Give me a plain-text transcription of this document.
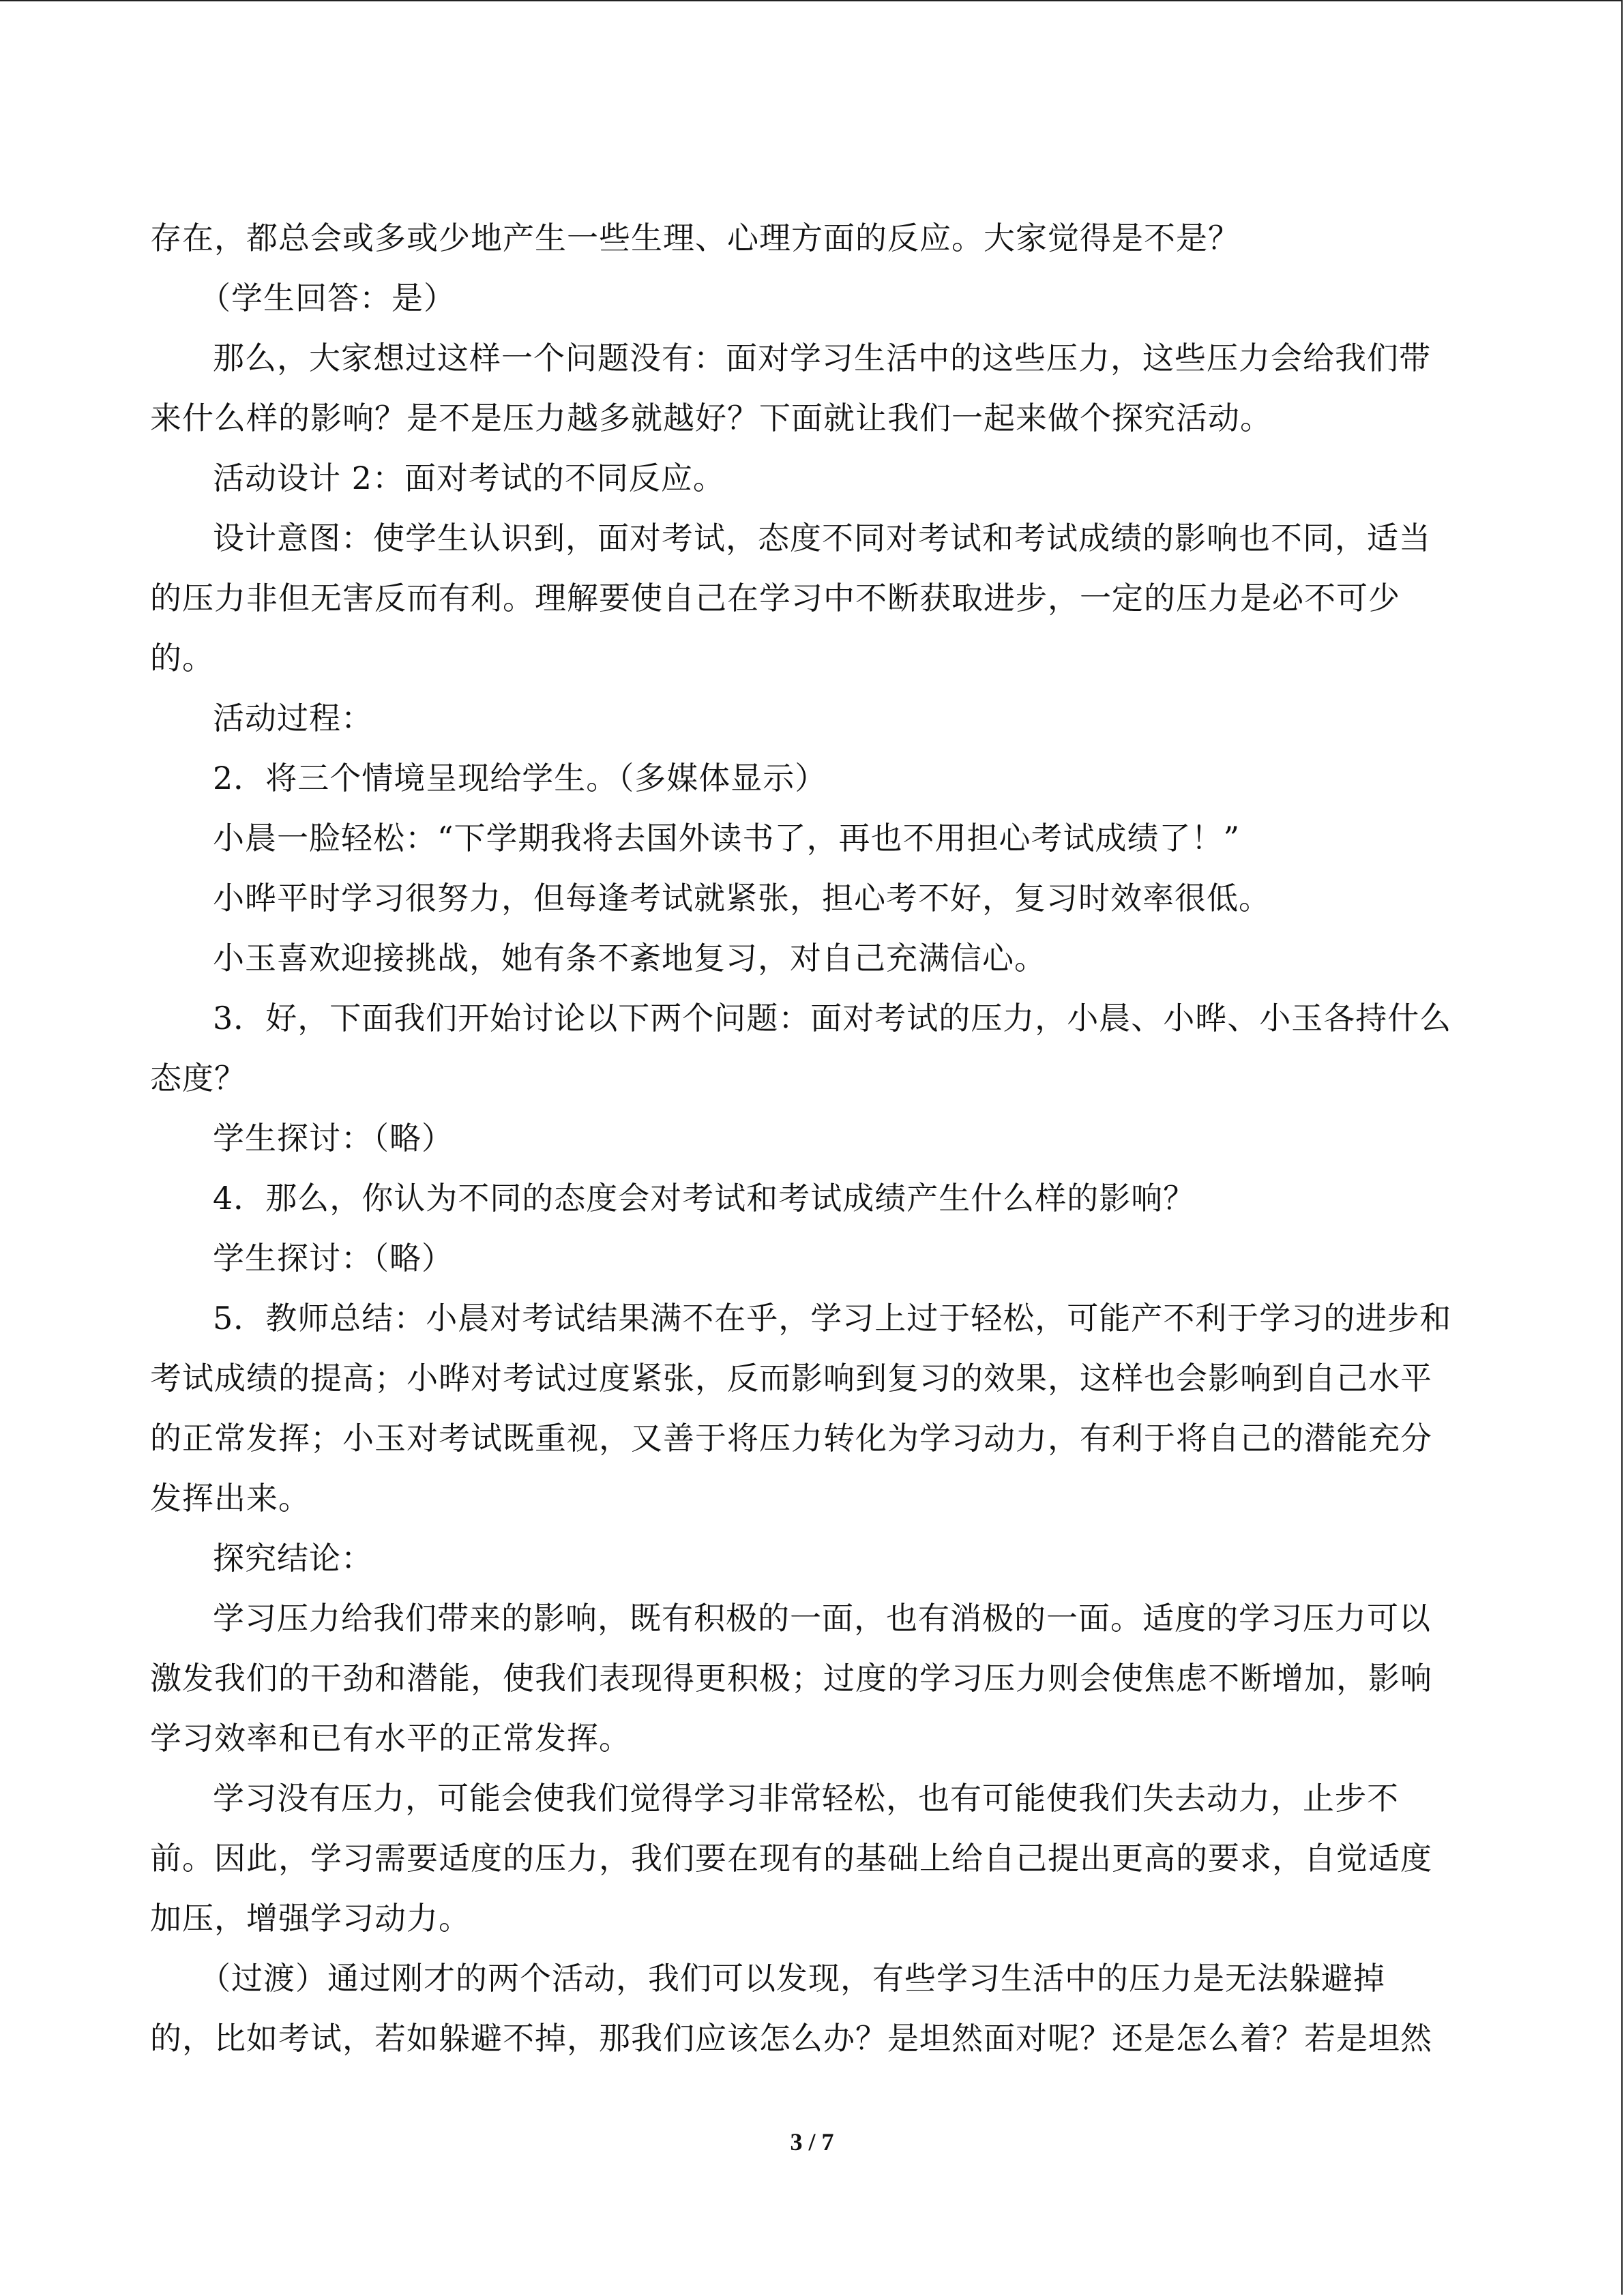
存在，都总会或多或少地产生一些生理、心理方面的反应。大家觉得是不是？
（学生回答：是）
那么，大家想过这样一个问题没有：面对学习生活中的这些压力，这些压力会给我们带
来什么样的影响？是不是压力越多就越好？下面就让我们一起来做个探究活动。
活动设计 2：面对考试的不同反应。
设计意图：使学生认识到，面对考试，态度不同对考试和考试成绩的影响也不同，适当
的压力非但无害反而有利。理解要使自己在学习中不断获取进步，一定的压力是必不可少
的。
活动过程：
2．将三个情境呈现给学生。（多媒体显示）
小晨一脸轻松：“下学期我将去国外读书了，再也不用担心考试成绩了！”
小晔平时学习很努力，但每逢考试就紧张，担心考不好，复习时效率很低。
小玉喜欢迎接挑战，她有条不紊地复习，对自己充满信心。
3．好，下面我们开始讨论以下两个问题：面对考试的压力，小晨、小晔、小玉各持什么
态度？
学生探讨：（略）
4．那么，你认为不同的态度会对考试和考试成绩产生什么样的影响？
学生探讨：（略）
5．教师总结：小晨对考试结果满不在乎，学习上过于轻松，可能产不利于学习的进步和
考试成绩的提高；小晔对考试过度紧张，反而影响到复习的效果，这样也会影响到自己水平
的正常发挥；小玉对考试既重视，又善于将压力转化为学习动力，有利于将自己的潜能充分
发挥出来。
探究结论：
学习压力给我们带来的影响，既有积极的一面，也有消极的一面。适度的学习压力可以
激发我们的干劲和潜能，使我们表现得更积极；过度的学习压力则会使焦虑不断增加，影响
学习效率和已有水平的正常发挥。
学习没有压力，可能会使我们觉得学习非常轻松，也有可能使我们失去动力，止步不
前。因此，学习需要适度的压力，我们要在现有的基础上给自己提出更高的要求，自觉适度
加压，增强学习动力。
（过渡）通过刚才的两个活动，我们可以发现，有些学习生活中的压力是无法躲避掉
的，比如考试，若如躲避不掉，那我们应该怎么办？是坦然面对呢？还是怎么着？若是坦然
3 / 7
